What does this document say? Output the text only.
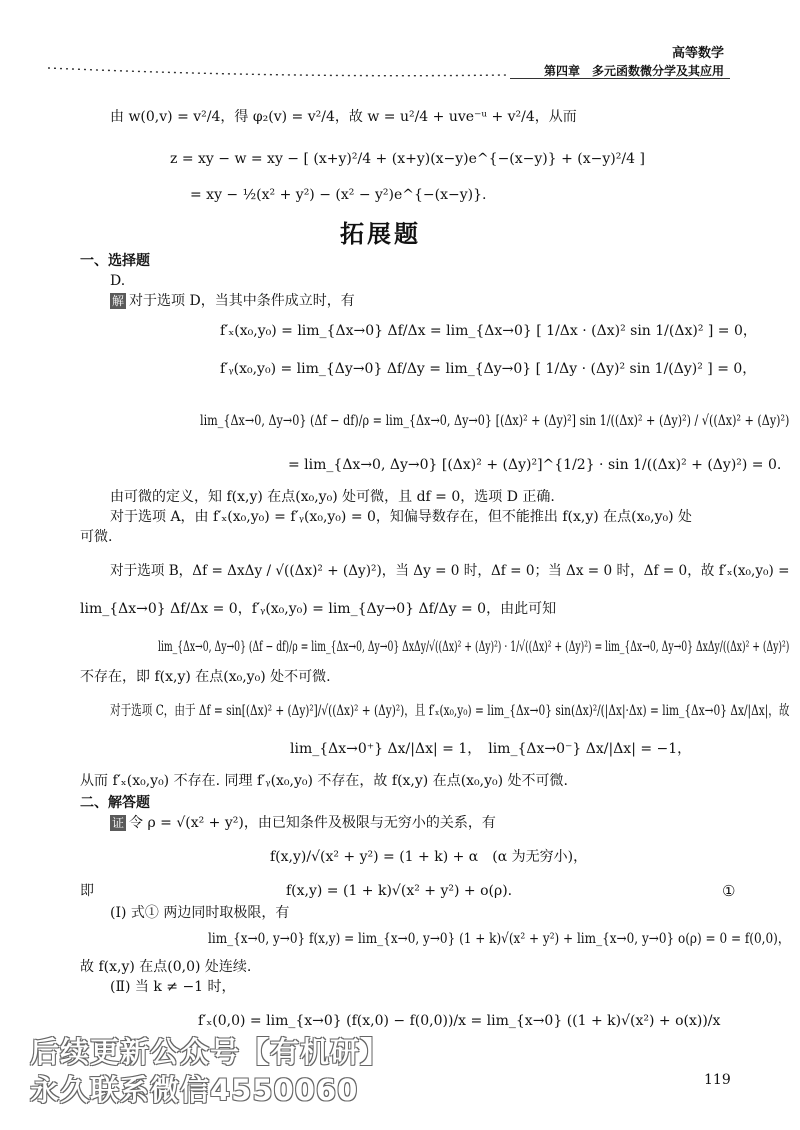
高等数学
第四章　多元函数微分学及其应用
由 w(0,v) = v²/4，得 φ₂(v) = v²/4，故 w = u²/4 + uve⁻ᵘ + v²/4，从而
z = xy − w = xy − [ (x+y)²/4 + (x+y)(x−y)e^{−(x−y)} + (x−y)²/4 ]
= xy − ½(x² + y²) − (x² − y²)e^{−(x−y)}.
拓展题
一、选择题
D.
解 对于选项 D，当其中条件成立时，有
f′ₓ(x₀,y₀) = lim_{Δx→0} Δf/Δx = lim_{Δx→0} [ 1/Δx · (Δx)² sin 1/(Δx)² ] = 0，
f′ᵧ(x₀,y₀) = lim_{Δy→0} Δf/Δy = lim_{Δy→0} [ 1/Δy · (Δy)² sin 1/(Δy)² ] = 0，
lim_{Δx→0, Δy→0} (Δf − df)/ρ = lim_{Δx→0, Δy→0} [(Δx)² + (Δy)²] sin 1/((Δx)² + (Δy)²) / √((Δx)² + (Δy)²)
= lim_{Δx→0, Δy→0} [(Δx)² + (Δy)²]^{1/2} · sin 1/((Δx)² + (Δy)²) = 0.
由可微的定义，知 f(x,y) 在点(x₀,y₀) 处可微，且 df = 0，选项 D 正确.
对于选项 A，由 f′ₓ(x₀,y₀) = f′ᵧ(x₀,y₀) = 0，知偏导数存在，但不能推出 f(x,y) 在点(x₀,y₀) 处
可微.
对于选项 B，Δf = ΔxΔy / √((Δx)² + (Δy)²)，当 Δy = 0 时，Δf = 0；当 Δx = 0 时，Δf = 0，故 f′ₓ(x₀,y₀) =
lim_{Δx→0} Δf/Δx = 0，f′ᵧ(x₀,y₀) = lim_{Δy→0} Δf/Δy = 0，由此可知
lim_{Δx→0, Δy→0} (Δf − df)/ρ = lim_{Δx→0, Δy→0} ΔxΔy/√((Δx)² + (Δy)²) · 1/√((Δx)² + (Δy)²) = lim_{Δx→0, Δy→0} ΔxΔy/((Δx)² + (Δy)²)
不存在，即 f(x,y) 在点(x₀,y₀) 处不可微.
对于选项 C，由于 Δf = sin[(Δx)² + (Δy)²]/√((Δx)² + (Δy)²)，且 f′ₓ(x₀,y₀) = lim_{Δx→0} sin(Δx)²/(|Δx|·Δx) = lim_{Δx→0} Δx/|Δx|，故
lim_{Δx→0⁺} Δx/|Δx| = 1，　lim_{Δx→0⁻} Δx/|Δx| = −1，
从而 f′ₓ(x₀,y₀) 不存在. 同理 f′ᵧ(x₀,y₀) 不存在，故 f(x,y) 在点(x₀,y₀) 处不可微.
二、解答题
证 令 ρ = √(x² + y²)，由已知条件及极限与无穷小的关系，有
f(x,y)/√(x² + y²) = (1 + k) + α　(α 为无穷小)，
即	f(x,y) = (1 + k)√(x² + y²) + o(ρ).	①
(Ⅰ) 式① 两边同时取极限，有
lim_{x→0, y→0} f(x,y) = lim_{x→0, y→0} (1 + k)√(x² + y²) + lim_{x→0, y→0} o(ρ) = 0 = f(0,0)，
故 f(x,y) 在点(0,0) 处连续.
(Ⅱ) 当 k ≠ −1 时，
f′ₓ(0,0) = lim_{x→0} (f(x,0) − f(0,0))/x = lim_{x→0} ((1 + k)√(x²) + o(x))/x
119
后续更新公众号【有机研】
永久联系微信4550060
